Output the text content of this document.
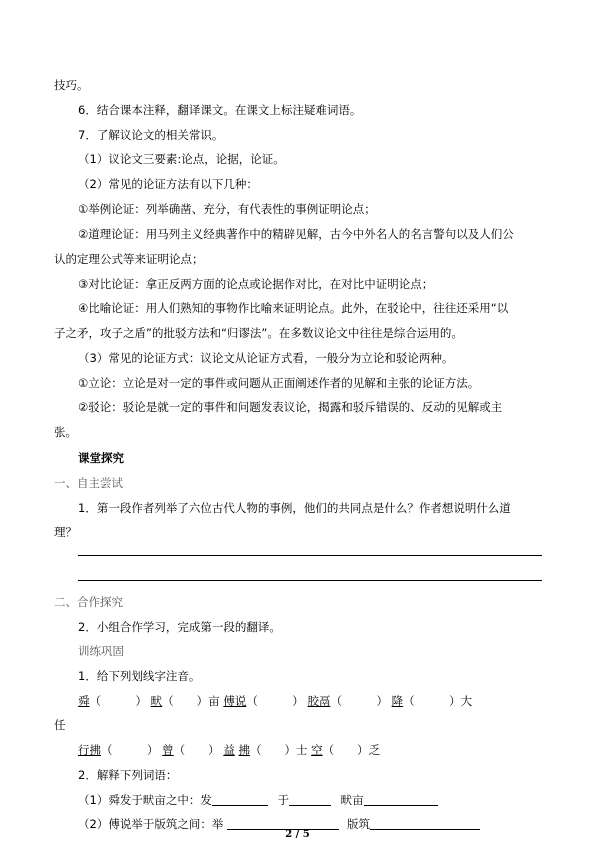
技巧。
6．结合课本注释，翻译课文。在课文上标注疑难词语。
7．了解议论文的相关常识。
（1）议论文三要素:论点，论据，论证。
（2）常见的论证方法有以下几种：
①举例论证：列举确凿、充分，有代表性的事例证明论点；
②道理论证：用马列主义经典著作中的精辟见解，古今中外名人的名言警句以及人们公
认的定理公式等来证明论点；
③对比论证：拿正反两方面的论点或论据作对比，在对比中证明论点；
④比喻论证：用人们熟知的事物作比喻来证明论点。此外，在驳论中，往往还采用“以
子之矛，攻子之盾”的批驳方法和“归谬法”。在多数议论文中往往是综合运用的。
（3）常见的论证方式：议论文从论证方式看，一般分为立论和驳论两种。
①立论：立论是对一定的事件或问题从正面阐述作者的见解和主张的论证方法。
②驳论：驳论是就一定的事件和问题发表议论，揭露和驳斥错误的、反动的见解或主
张。
课堂探究
一、自主尝试
1．第一段作者列举了六位古代人物的事例，他们的共同点是什么？作者想说明什么道
理？
二、合作探究
2．小组合作学习，完成第一段的翻译。
训练巩固
1．给下列划线字注音。
舜（　　　） 畎（　　）亩 傅说（　　　） 胶鬲（　　　） 降（　　　）大
任
行拂（　　　） 曾（　　） 益 拂（　　）士 空（　　）乏
2．解释下列词语：
（1）舜发于畎亩之中：发	于	畎亩
（2）傅说举于版筑之间：举	版筑
2 / 5
